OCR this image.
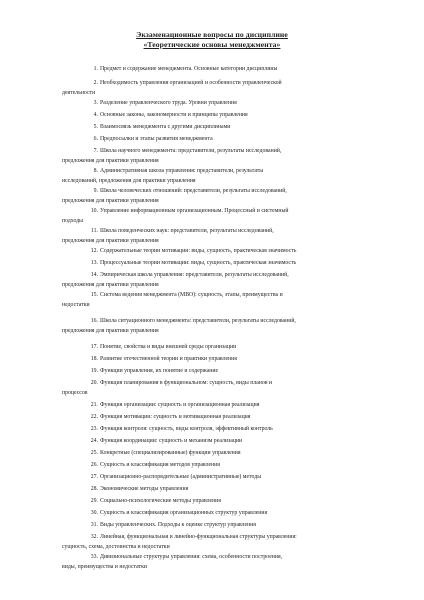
Экзаменационные вопросы по дисциплине
«Теоретические основы менеджмента»
1. Предмет и содержание менеджмента. Основные категории дисциплины
2. Необходимость управления организацией и особенности управленческой
деятельности
3. Разделение управленческого труда. Уровни управления
4. Основные законы, закономерности и принципы управления
5. Взаимосвязь менеджмента с другими дисциплинами
6. Предпосылки и этапы развития менеджмента
7. Школа научного менеджмента: представители, результаты исследований,
предложения для практики управления
8. Административная школа управления: представители, результаты
исследований, предложения для практики управления
9. Школа человеческих отношений: представители, результаты исследований,
предложения для практики управления
10. Управление информационным организационным. Процессный и системный
подходы
11. Школа поведенческих наук: представители, результаты исследований,
предложения для практики управления
12. Содержательные теории мотивации: виды, сущность, практическая значимость
13. Процессуальные теории мотивации: виды, сущность, практическая значимость
14. Эмпирическая школа управления: представители, результаты исследований,
предложения для практики управления
15. Система ведения менеджмента (МВО): сущность, этапы, преимущества и
недостатки
16. Школа ситуационного менеджмента: представители, результаты исследований,
предложения для практики управления
17. Понятие, свойства и виды внешней среды организации
18. Развитие отечественной теории и практики управления
19. Функции управления, их понятие и содержание
20. Функция планирования в функциональном: сущность, виды планов и
процессов
21. Функция организации: сущность и организационная реализация
22. Функция мотивации: сущность и мотивационная реализация
23. Функция контроля: сущность, виды контроля, эффективный контроль
24. Функция координации: сущность и механизм реализации
25. Конкретные (специализированные) функции управления
26. Сущность и классификация методов управления
27. Организационно-распорядительные (административные) методы
28. Экономические методы управления
29. Социально-психологические методы управления
30. Сущность и классификация организационных структур управления
31. Виды управленческих. Подходы к оценке структур управления
32. Линейная, функциональная и линейно-функциональная структуры управления:
сущность, схема, достоинства и недостатки
33. Дивизиональные структуры управления: схема, особенности построения,
виды, преимущества и недостатки
